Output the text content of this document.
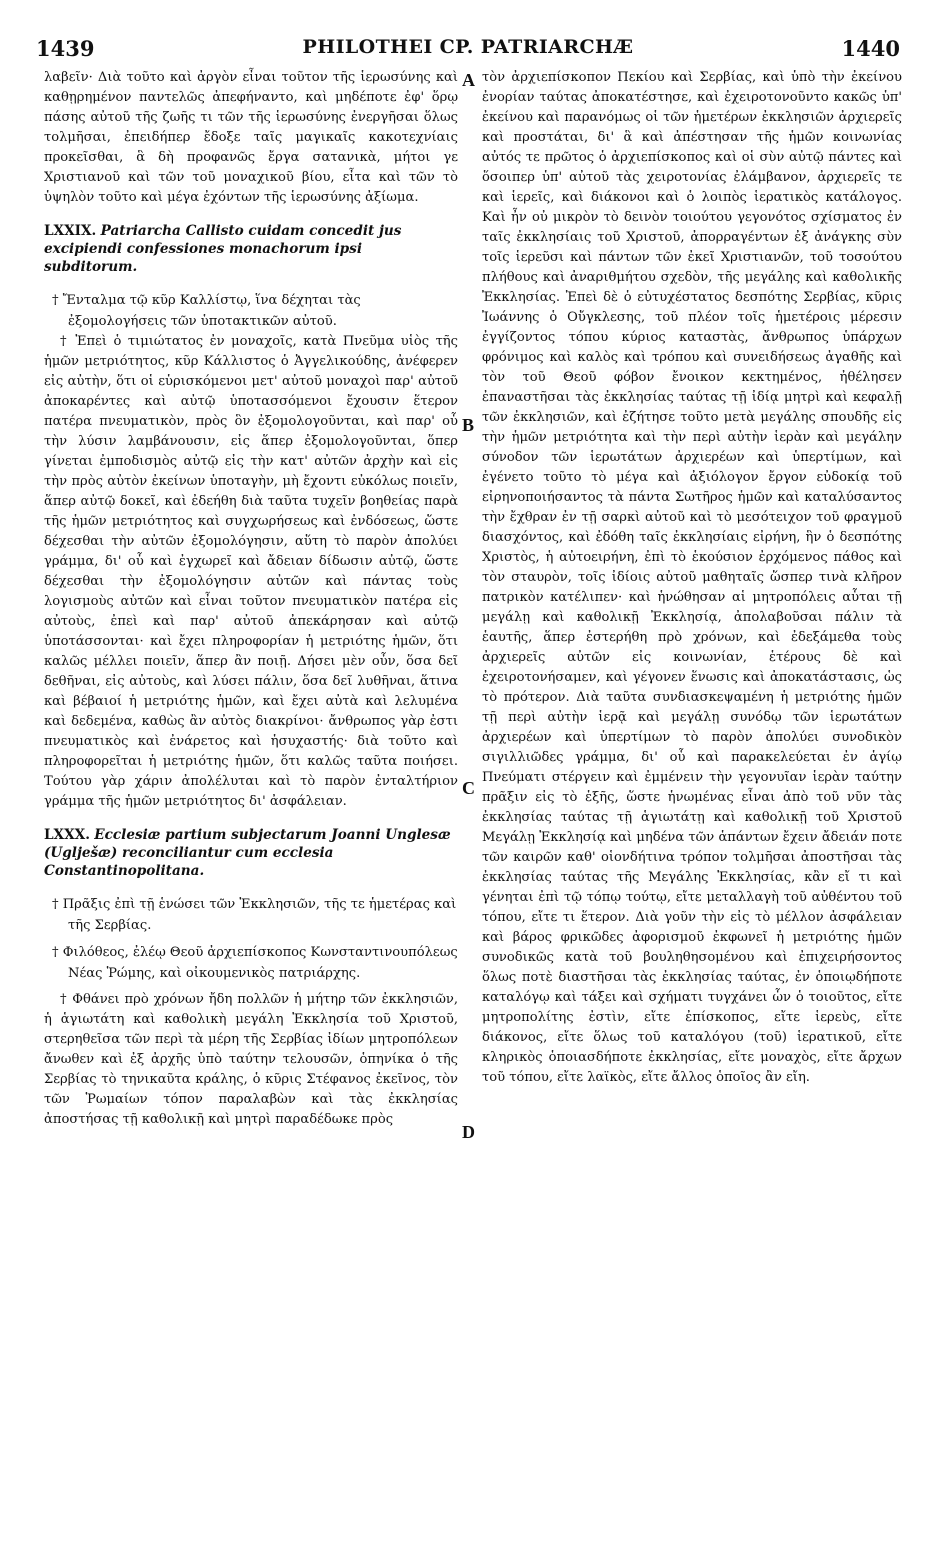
PHILOTHEI CP. PATRIARCHÆ
1439	1440

λαβεῖν· Διὰ τοῦτο καὶ ἀργὸν εἶναι τοῦτον τῆς ἱερωσύνης καὶ καθῃρημένον παντελῶς ἀπεφήναντο, καὶ μηδέποτε ἐφ' ὅρῳ πάσης αὐτοῦ τῆς ζωῆς τι τῶν τῆς ἱερωσύνης ἐνεργῆσαι ὅλως τολμῆσαι, ἐπειδήπερ ἔδοξε ταῖς μαγικαῖς κακοτεχνίαις προκεῖσθαι, ἃ δὴ προφανῶς ἔργα σατανικὰ, μήτοι γε Χριστιανοῦ καὶ τῶν τοῦ μοναχικοῦ βίου, εἶτα καὶ τῶν τὸ ὑψηλὸν τοῦτο καὶ μέγα ἐχόντων τῆς ἱερωσύνης ἀξίωμα.

LXXIX. Patriarcha Callisto cuidam concedit jus excipiendi confessiones monachorum ipsi subditorum.

† Ἔνταλμα τῷ κῦρ Καλλίστῳ, ἵνα δέχηται τὰς ἐξομολογήσεις τῶν ὑποτακτικῶν αὐτοῦ.

† Ἐπεὶ ὁ τιμιώτατος ἐν μοναχοῖς, κατὰ Πνεῦμα υἱὸς τῆς ἡμῶν μετριότητος, κῦρ Κάλλιστος ὁ Ἀγγελικούδης, ἀνέφερεν εἰς αὐτὴν, ὅτι οἱ εὑρισκόμενοι μετ' αὐτοῦ μοναχοὶ παρ' αὐτοῦ ἀποκαρέντες καὶ αὐτῷ ὑποτασσόμενοι ἔχουσιν ἕτερον πατέρα πνευματικὸν, πρὸς ὃν ἐξομολογοῦνται, καὶ παρ' οὗ τὴν λύσιν λαμβάνουσιν, εἰς ἅπερ ἐξομολογοῦνται, ὅπερ γίνεται ἐμποδισμὸς αὐτῷ εἰς τὴν κατ' αὐτῶν ἀρχὴν καὶ εἰς τὴν πρὸς αὐτὸν ἐκείνων ὑποταγὴν, μὴ ἔχοντι εὐκόλως ποιεῖν, ἅπερ αὐτῷ δοκεῖ, καὶ ἐδεήθη διὰ ταῦτα τυχεῖν βοηθείας παρὰ τῆς ἡμῶν μετριότητος καὶ συγχωρήσεως καὶ ἐνδόσεως, ὥστε δέχεσθαι τὴν αὐτῶν ἐξομολόγησιν, αὕτη τὸ παρὸν ἀπολύει γράμμα, δι' οὗ καὶ ἐγχωρεῖ καὶ ἄδειαν δίδωσιν αὐτῷ, ὥστε δέχεσθαι τὴν ἐξομολόγησιν αὐτῶν καὶ πάντας τοὺς λογισμοὺς αὐτῶν καὶ εἶναι τοῦτον πνευματικὸν πατέρα εἰς αὐτοὺς, ἐπεὶ καὶ παρ' αὐτοῦ ἀπεκάρησαν καὶ αὐτῷ ὑποτάσσονται· καὶ ἔχει πληροφορίαν ἡ μετριότης ἡμῶν, ὅτι καλῶς μέλλει ποιεῖν, ἅπερ ἂν ποιῇ. Δήσει μὲν οὖν, ὅσα δεῖ δεθῆναι, εἰς αὐτοὺς, καὶ λύσει πάλιν, ὅσα δεῖ λυθῆναι, ἅτινα καὶ βέβαιοί ἡ μετριότης ἡμῶν, καὶ ἔχει αὐτὰ καὶ λελυμένα καὶ δεδεμένα, καθὼς ἂν αὐτὸς διακρίνοι· ἄνθρωπος γὰρ ἐστι πνευματικὸς καὶ ἐνάρετος καὶ ἡσυχαστής· διὰ τοῦτο καὶ πληροφορεῖται ἡ μετριότης ἡμῶν, ὅτι καλῶς ταῦτα ποιήσει. Τούτου γὰρ χάριν ἀπολέλυται καὶ τὸ παρὸν ἐνταλτήριον γράμμα τῆς ἡμῶν μετριότητος δι' ἀσφάλειαν.

LXXX. Ecclesiæ partium subjectarum Joanni Unglesæ (Uglješæ) reconciliantur cum ecclesia Constantinopolitana.

† Πρᾶξις ἐπὶ τῇ ἑνώσει τῶν Ἐκκλησιῶν, τῆς τε ἡμετέρας καὶ τῆς Σερβίας.

† Φιλόθεος, ἐλέῳ Θεοῦ ἀρχιεπίσκοπος Κωνσταντινουπόλεως Νέας Ῥώμης, καὶ οἰκουμενικὸς πατριάρχης.

† Φθάνει πρὸ χρόνων ἤδη πολλῶν ἡ μήτηρ τῶν ἐκκλησιῶν, ἡ ἁγιωτάτη καὶ καθολικὴ μεγάλη Ἐκκλησία τοῦ Χριστοῦ, στερηθεῖσα τῶν περὶ τὰ μέρη τῆς Σερβίας ἰδίων μητροπόλεων ἄνωθεν καὶ ἐξ ἀρχῆς ὑπὸ ταύτην τελουσῶν, ὁπηνίκα ὁ τῆς Σερβίας τὸ τηνικαῦτα κράλης, ὁ κῦρις Στέφανος ἐκεῖνος, τὸν τῶν Ῥωμαίων τόπον παραλαβὼν καὶ τὰς ἐκκλησίας ἀποστήσας τῇ καθολικῇ καὶ μητρὶ παραδέδωκε πρὸς

A
B
C
D

τὸν ἀρχιεπίσκοπον Πεκίου καὶ Σερβίας, καὶ ὑπὸ τὴν ἐκείνου ἐνορίαν ταύτας ἀποκατέστησε, καὶ ἐχειροτονοῦντο κακῶς ὑπ' ἐκείνου καὶ παρανόμως οἱ τῶν ἡμετέρων ἐκκλησιῶν ἀρχιερεῖς καὶ προστάται, δι' ἃ καὶ ἀπέστησαν τῆς ἡμῶν κοινωνίας αὐτός τε πρῶτος ὁ ἀρχιεπίσκοπος καὶ οἱ σὺν αὐτῷ πάντες καὶ ὅσοιπερ ὑπ' αὐτοῦ τὰς χειροτονίας ἐλάμβανον, ἀρχιερεῖς τε καὶ ἱερεῖς, καὶ διάκονοι καὶ ὁ λοιπὸς ἱερατικὸς κατάλογος. Καὶ ἦν οὐ μικρὸν τὸ δεινὸν τοιούτου γεγονότος σχίσματος ἐν ταῖς ἐκκλησίαις τοῦ Χριστοῦ, ἀπορραγέντων ἐξ ἀνάγκης σὺν τοῖς ἱερεῦσι καὶ πάντων τῶν ἐκεῖ Χριστιανῶν, τοῦ τοσούτου πλήθους καὶ ἀναριθμήτου σχεδὸν, τῆς μεγάλης καὶ καθολικῆς Ἐκκλησίας. Ἐπεὶ δὲ ὁ εὐτυχέστατος δεσπότης Σερβίας, κῦρις Ἰωάννης ὁ Οὔγκλεσης, τοῦ πλέον τοῖς ἡμετέροις μέρεσιν ἐγγίζοντος τόπου κύριος καταστὰς, ἄνθρωπος ὑπάρχων φρόνιμος καὶ καλὸς καὶ τρόπου καὶ συνειδήσεως ἀγαθῆς καὶ τὸν τοῦ Θεοῦ φόβον ἔνοικον κεκτημένος, ἠθέλησεν ἐπαναστῆσαι τὰς ἐκκλησίας ταύτας τῇ ἰδίᾳ μητρὶ καὶ κεφαλῇ τῶν ἐκκλησιῶν, καὶ ἐζήτησε τοῦτο μετὰ μεγάλης σπουδῆς εἰς τὴν ἡμῶν μετριότητα καὶ τὴν περὶ αὐτὴν ἱερὰν καὶ μεγάλην σύνοδον τῶν ἱερωτάτων ἀρχιερέων καὶ ὑπερτίμων, καὶ ἐγένετο τοῦτο τὸ μέγα καὶ ἀξιόλογον ἔργον εὐδοκίᾳ τοῦ εἰρηνοποιήσαντος τὰ πάντα Σωτῆρος ἡμῶν καὶ καταλύσαντος τὴν ἔχθραν ἐν τῇ σαρκὶ αὐτοῦ καὶ τὸ μεσότειχον τοῦ φραγμοῦ διασχόντος, καὶ ἐδόθη ταῖς ἐκκλησίαις εἰρήνη, ἣν ὁ δεσπότης Χριστὸς, ἡ αὐτοειρήνη, ἐπὶ τὸ ἑκούσιον ἐρχόμενος πάθος καὶ τὸν σταυρὸν, τοῖς ἰδίοις αὐτοῦ μαθηταῖς ὥσπερ τινὰ κλῆρον πατρικὸν κατέλιπεν· καὶ ἡνώθησαν αἱ μητροπόλεις αὗται τῇ μεγάλῃ καὶ καθολικῇ Ἐκκλησίᾳ, ἀπολαβοῦσαι πάλιν τὰ ἑαυτῆς, ἅπερ ἐστερήθη πρὸ χρόνων, καὶ ἐδεξάμεθα τοὺς ἀρχιερεῖς αὐτῶν εἰς κοινωνίαν, ἑτέρους δὲ καὶ ἐχειροτονήσαμεν, καὶ γέγονεν ἕνωσις καὶ ἀποκατάστασις, ὡς τὸ πρότερον. Διὰ ταῦτα συνδιασκεψαμένη ἡ μετριότης ἡμῶν τῇ περὶ αὐτὴν ἱερᾷ καὶ μεγάλῃ συνόδῳ τῶν ἱερωτάτων ἀρχιερέων καὶ ὑπερτίμων τὸ παρὸν ἀπολύει συνοδικὸν σιγιλλιῶδες γράμμα, δι' οὗ καὶ παρακελεύεται ἐν ἁγίῳ Πνεύματι στέργειν καὶ ἐμμένειν τὴν γεγονυῖαν ἱερὰν ταύτην πρᾶξιν εἰς τὸ ἑξῆς, ὥστε ἡνωμένας εἶναι ἀπὸ τοῦ νῦν τὰς ἐκκλησίας ταύτας τῇ ἁγιωτάτῃ καὶ καθολικῇ τοῦ Χριστοῦ Μεγάλῃ Ἐκκλησίᾳ καὶ μηδένα τῶν ἁπάντων ἔχειν ἄδειάν ποτε τῶν καιρῶν καθ' οἱονδήτινα τρόπον τολμῆσαι ἀποστῆσαι τὰς ἐκκλησίας ταύτας τῆς Μεγάλης Ἐκκλησίας, κἂν εἴ τι καὶ γένηται ἐπὶ τῷ τόπῳ τούτῳ, εἴτε μεταλλαγὴ τοῦ αὐθέντου τοῦ τόπου, εἴτε τι ἕτερον. Διὰ γοῦν τὴν εἰς τὸ μέλλον ἀσφάλειαν καὶ βάρος φρικῶδες ἀφορισμοῦ ἐκφωνεῖ ἡ μετριότης ἡμῶν συνοδικῶς κατὰ τοῦ βουληθησομένου καὶ ἐπιχειρήσοντος ὅλως ποτὲ διαστῆσαι τὰς ἐκκλησίας ταύτας, ἐν ὁποιῳδήποτε καταλόγῳ καὶ τάξει καὶ σχήματι τυγχάνει ὧν ὁ τοιοῦτος, εἴτε μητροπολίτης ἐστὶν, εἴτε ἐπίσκοπος, εἴτε ἱερεὺς, εἴτε διάκονος, εἴτε ὅλως τοῦ καταλόγου (τοῦ) ἱερατικοῦ, εἴτε κληρικὸς ὁποιασδήποτε ἐκκλησίας, εἴτε μοναχὸς, εἴτε ἄρχων τοῦ τόπου, εἴτε λαϊκὸς, εἴτε ἄλλος ὁποῖος ἂν εἴη.
